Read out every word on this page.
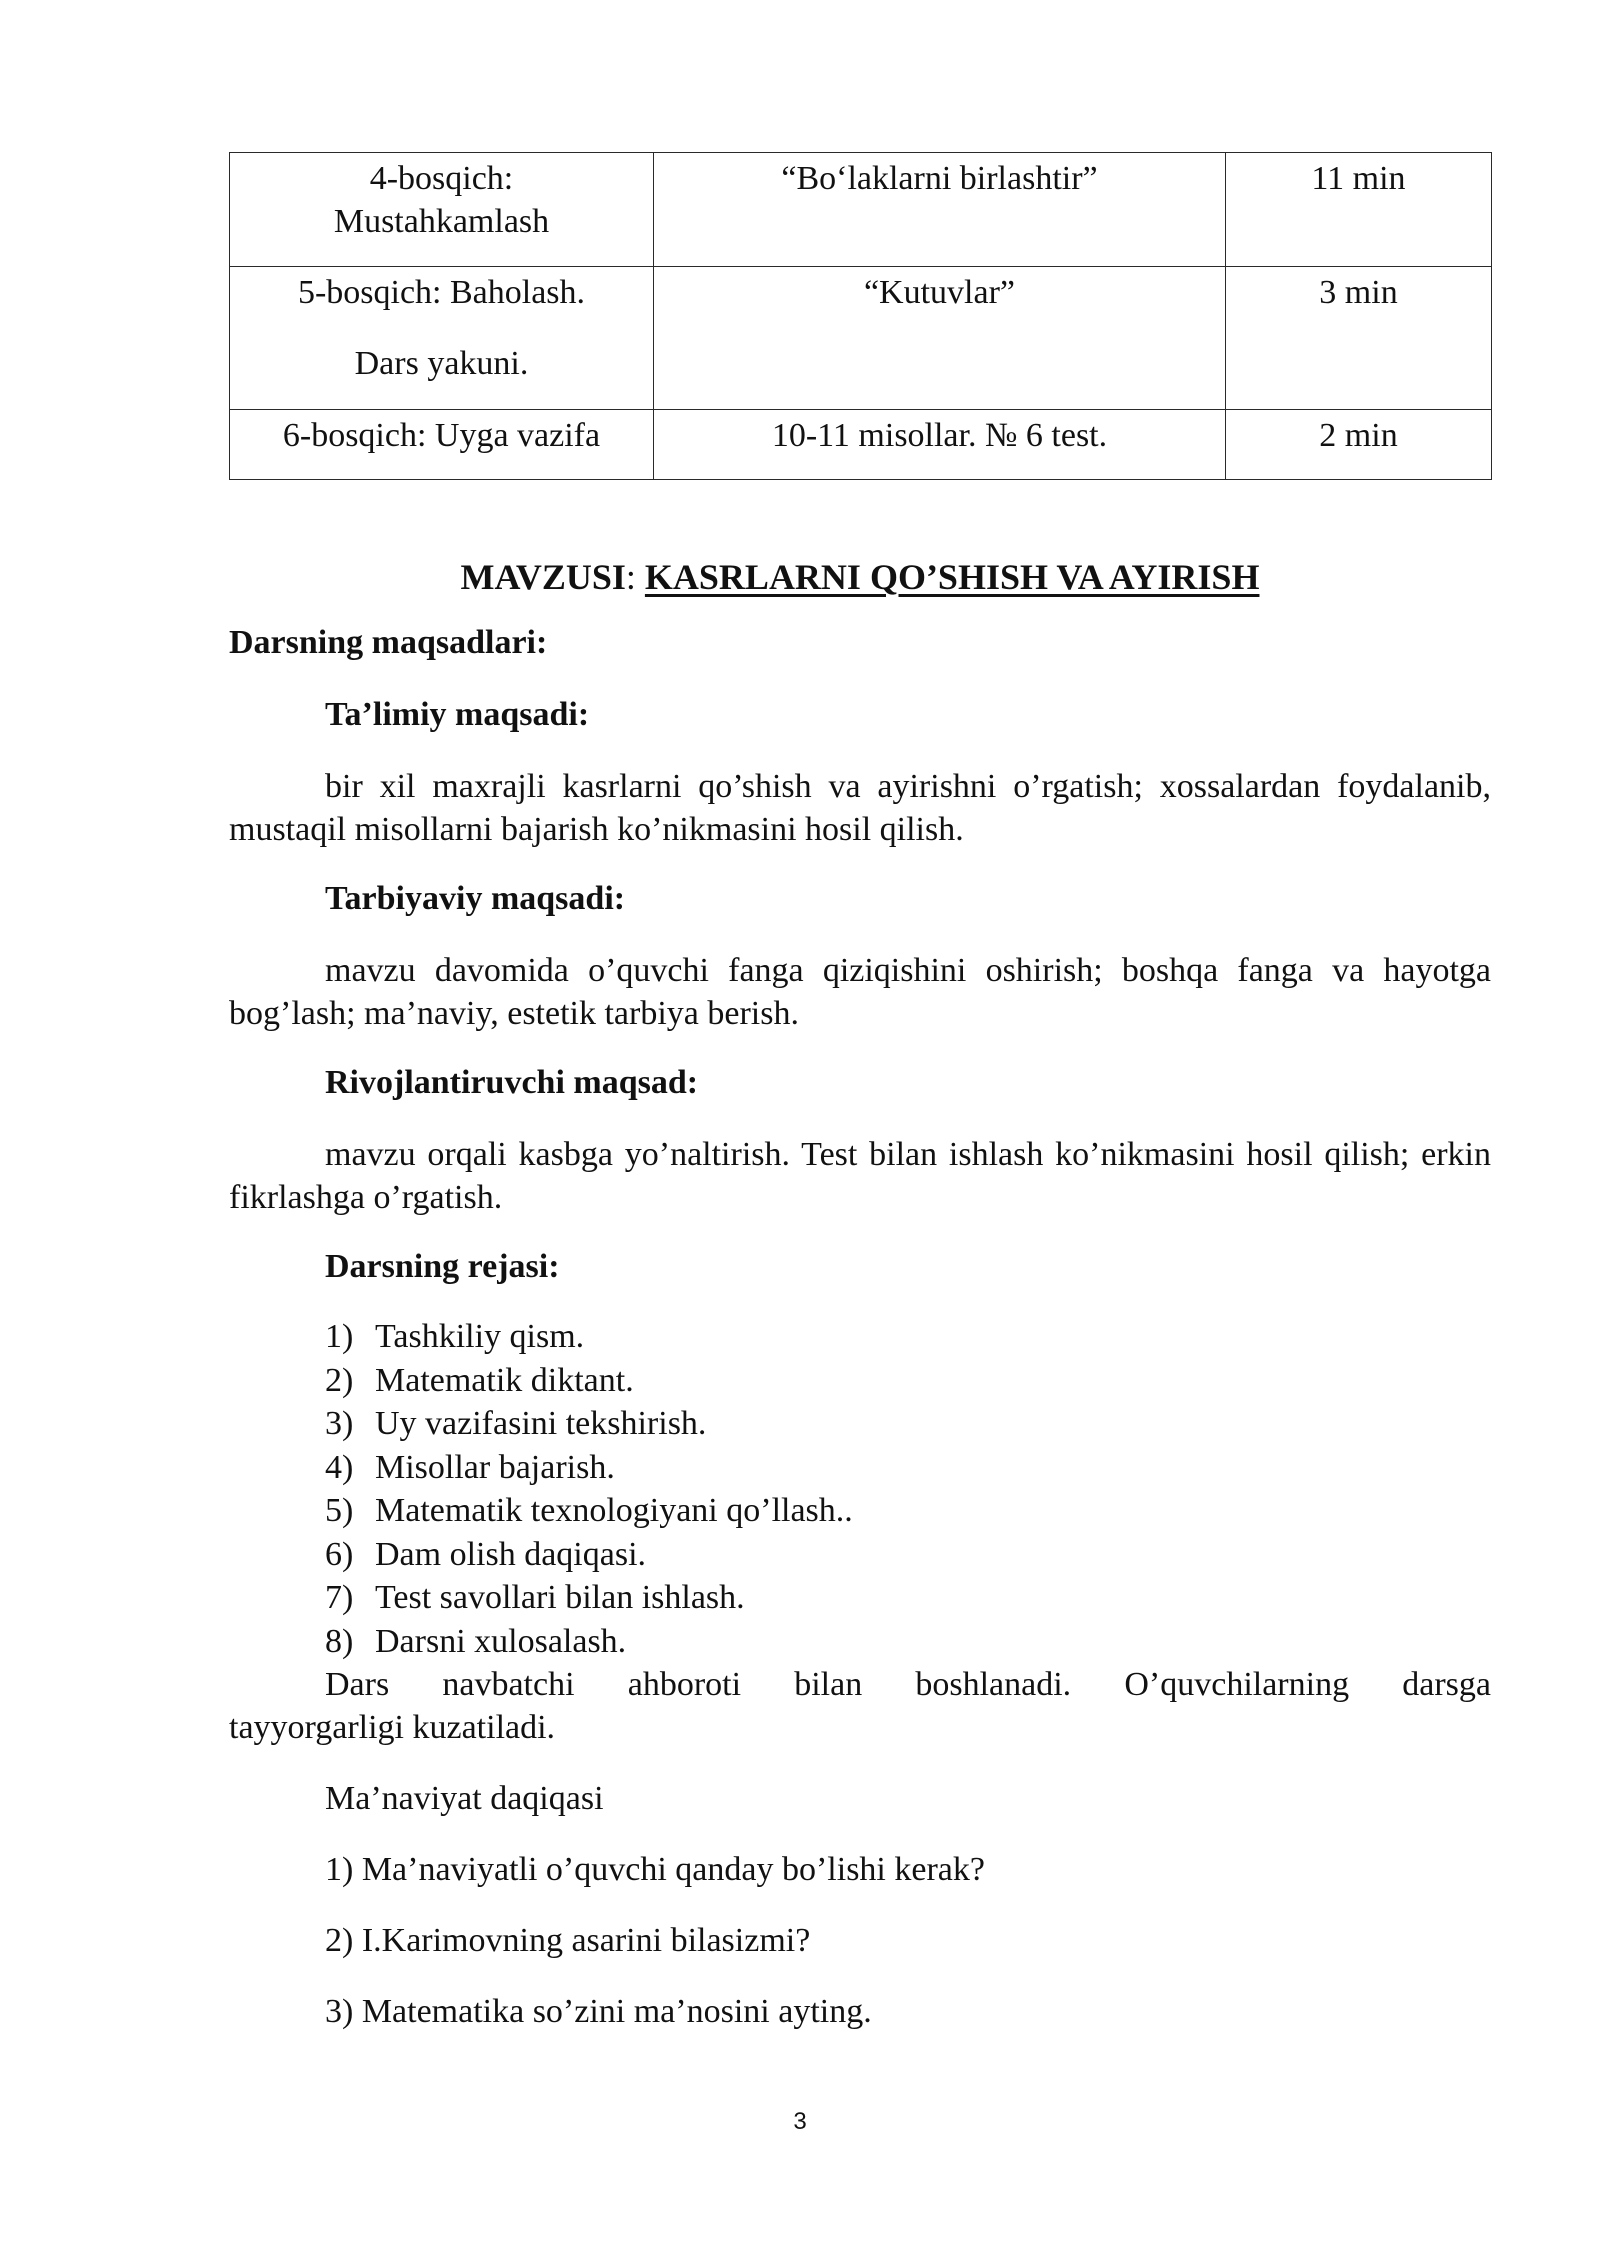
4-bosqich:
Mustahkamlash	“Bo‘laklarni birlashtir”	11 min

5-bosqich: Baholash.
Dars yakuni.	“Kutuvlar”	3 min

6-bosqich: Uyga vazifa	10-11 misollar. № 6 test.	2 min
MAVZUSI: KASRLARNI QO’SHISH VA AYIRISH
Darsning maqsadlari:
Ta’limiy maqsadi:
bir xil maxrajli kasrlarni qo’shish va ayirishni o’rgatish; xossalardan foydalanib, mustaqil misollarni bajarish ko’nikmasini hosil qilish.
Tarbiyaviy maqsadi:
mavzu davomida o’quvchi fanga qiziqishini oshirish; boshqa fanga va hayotga bog’lash; ma’naviy, estetik tarbiya berish.
Rivojlantiruvchi maqsad:
mavzu orqali kasbga yo’naltirish. Test bilan ishlash ko’nikmasini hosil qilish; erkin fikrlashga o’rgatish.
Darsning rejasi:
1) Tashkiliy qism.
2) Matematik diktant.
3) Uy vazifasini tekshirish.
4) Misollar bajarish.
5) Matematik texnologiyani qo’llash..
6) Dam olish daqiqasi.
7) Test savollari bilan ishlash.
8) Darsni xulosalash.
Dars navbatchi ahboroti bilan boshlanadi. O’quvchilarning darsga
tayyorgarligi kuzatiladi.
Ma’naviyat daqiqasi
1) Ma’naviyatli o’quvchi qanday bo’lishi kerak?
2) I.Karimovning asarini bilasizmi?
3) Matematika so’zini ma’nosini ayting.
3
